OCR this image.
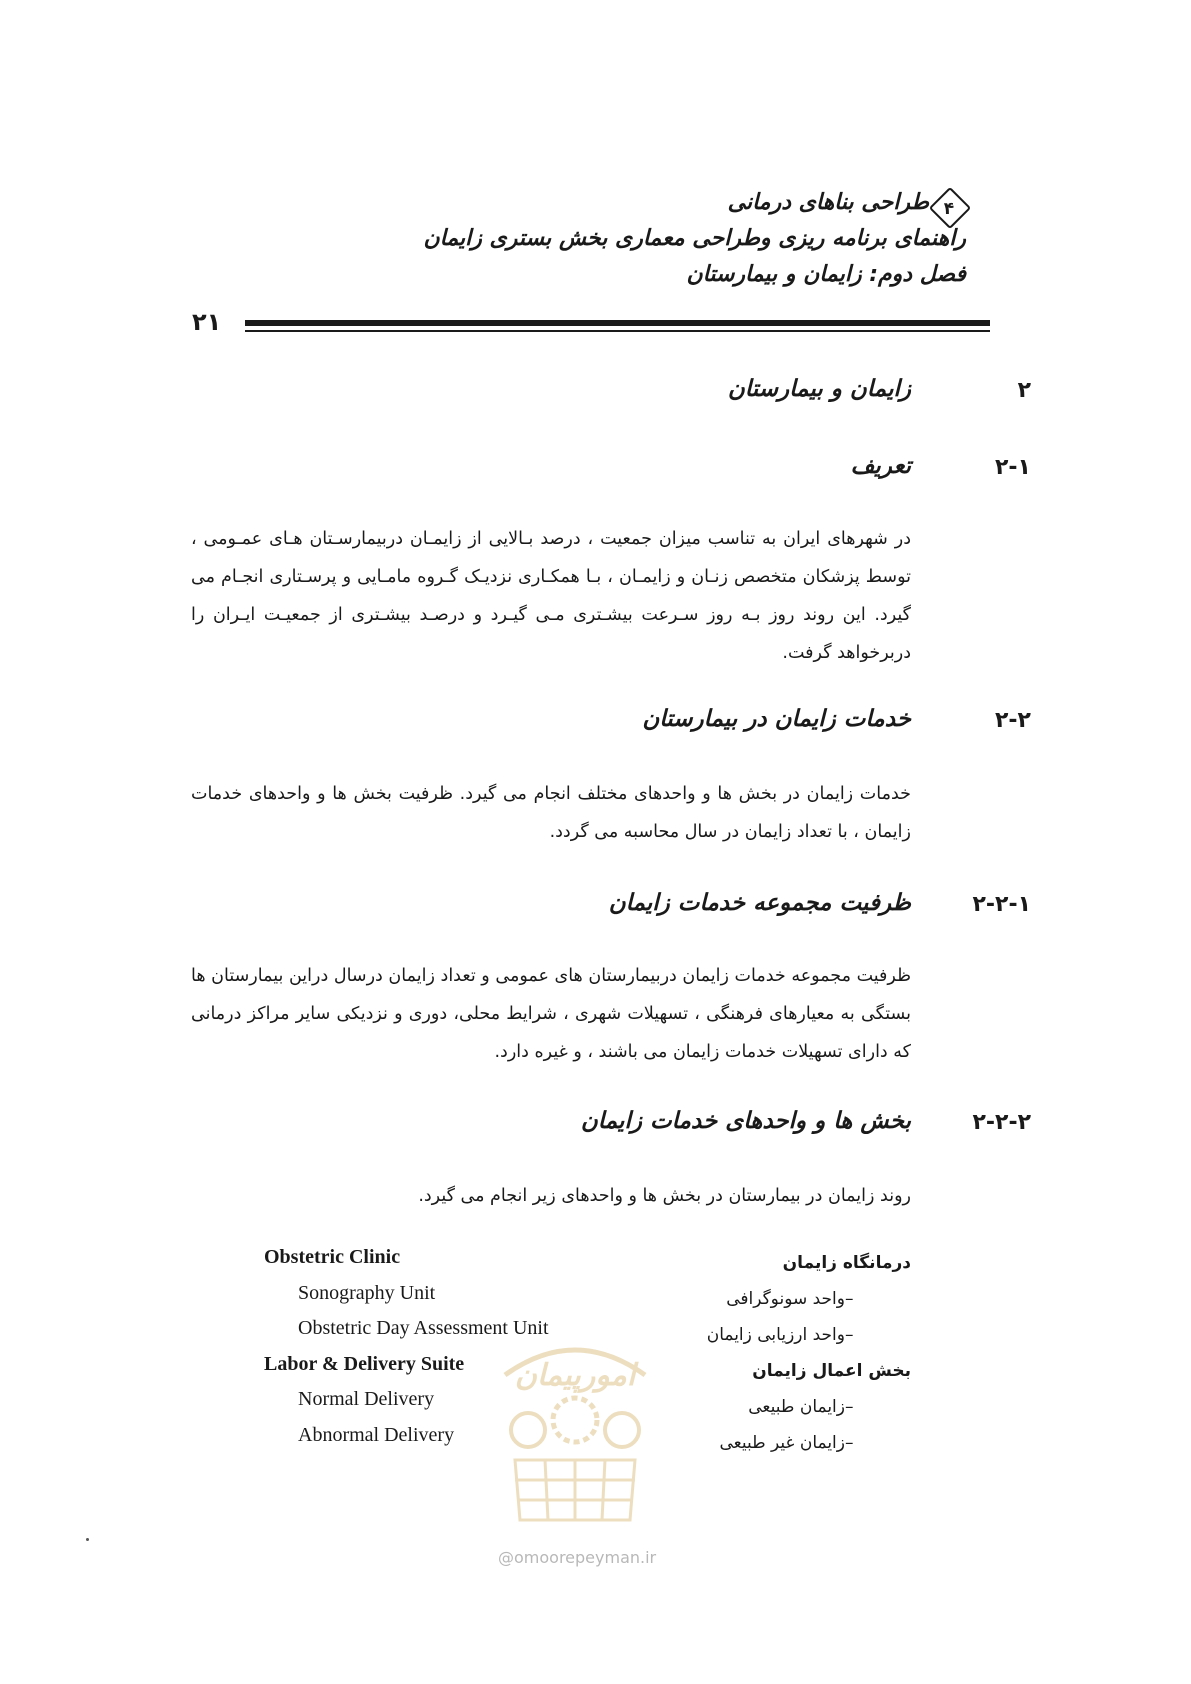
۴
طراحی بناهای درمانی
راهنمای برنامه ریزی وطراحی معماری بخش بستری زایمان
فصل دوم: زایمان و بیمارستان
۲۱
۲
زایمان و بیمارستان
۲-۱
تعریف
در شهرهای ایران به تناسب میزان جمعیت ، درصد بـالایی از زایمـان دربیمارسـتان هـای عمـومی ، توسط پزشکان متخصص زنـان و زایمـان ، بـا همکـاری نزدیـک گـروه مامـایی و پرسـتاری انجـام می گیرد. این روند روز بـه روز سـرعت بیشـتری مـی گیـرد و درصـد بیشـتری از جمعیـت ایـران را دربرخواهد گرفت.
۲-۲
خدمات زایمان در بیمارستان
خدمات زایمان در بخش ها و واحدهای مختلف انجام می گیرد. ظرفیت بخش ها و واحدهای خدمات زایمان ، با تعداد زایمان در سال محاسبه می گردد.
۲-۲-۱
ظرفیت مجموعه خدمات زایمان
ظرفیت مجموعه خدمات زایمان دربیمارستان های عمومی و تعداد زایمان درسال دراین بیمارستان ها بستگی به معیارهای فرهنگی ، تسهیلات شهری ، شرایط محلی، دوری و نزدیکی سایر مراکز درمانی که دارای تسهیلات خدمات زایمان می باشند ، و غیره دارد.
۲-۲-۲
بخش ها و واحدهای خدمات زایمان
روند زایمان در بیمارستان در بخش ها و واحدهای زیر انجام می گیرد.
Obstetric Clinic
Sonography Unit
Obstetric Day Assessment Unit
Labor & Delivery Suite
Normal Delivery
Abnormal Delivery
درمانگاه زایمان
–واحد سونوگرافی
–واحد ارزیابی زایمان
بخش اعمال زایمان
–زایمان طبیعی
–زایمان غیر طبیعی
امورپیمان
@omoorepeyman.ir
